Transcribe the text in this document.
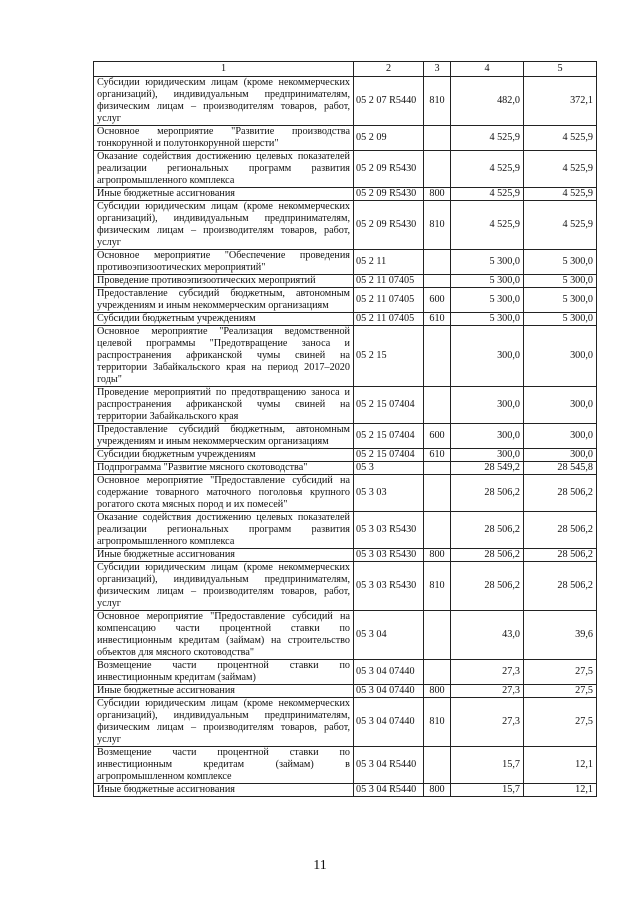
1	2	3	4	5
Субсидии юридическим лицам (кроме некоммерческих организаций), индивидуальным предпринимателям, физическим лицам – производителям товаров, работ, услуг	05 2 07 R5440	810	482,0	372,1
Основное мероприятие "Развитие производства тонкорунной и полутонкорунной шерсти"	05 2 09		4 525,9	4 525,9
Оказание содействия достижению целевых показателей реализации региональных программ развития агропромышленного комплекса	05 2 09 R5430		4 525,9	4 525,9
Иные бюджетные ассигнования	05 2 09 R5430	800	4 525,9	4 525,9
Субсидии юридическим лицам (кроме некоммерческих организаций), индивидуальным предпринимателям, физическим лицам – производителям товаров, работ, услуг	05 2 09 R5430	810	4 525,9	4 525,9
Основное мероприятие "Обеспечение проведения противоэпизоотических мероприятий"	05 2 11		5 300,0	5 300,0
Проведение противоэпизоотических мероприятий	05 2 11 07405		5 300,0	5 300,0
Предоставление субсидий бюджетным, автономным учреждениям и иным некоммерческим организациям	05 2 11 07405	600	5 300,0	5 300,0
Субсидии бюджетным учреждениям	05 2 11 07405	610	5 300,0	5 300,0
Основное мероприятие "Реализация ведомственной целевой программы "Предотвращение заноса и распространения африканской чумы свиней на территории Забайкальского края на период 2017–2020 годы"	05 2 15		300,0	300,0
Проведение мероприятий по предотвращению заноса и распространения африканской чумы свиней на территории Забайкальского края	05 2 15 07404		300,0	300,0
Предоставление субсидий бюджетным, автономным учреждениям и иным некоммерческим организациям	05 2 15 07404	600	300,0	300,0
Субсидии бюджетным учреждениям	05 2 15 07404	610	300,0	300,0
Подпрограмма "Развитие мясного скотоводства"	05 3		28 549,2	28 545,8
Основное мероприятие "Предоставление субсидий на содержание товарного маточного поголовья крупного рогатого скота мясных пород и их помесей"	05 3 03		28 506,2	28 506,2
Оказание содействия достижению целевых показателей реализации региональных программ развития агропромышленного комплекса	05 3 03 R5430		28 506,2	28 506,2
Иные бюджетные ассигнования	05 3 03 R5430	800	28 506,2	28 506,2
Субсидии юридическим лицам (кроме некоммерческих организаций), индивидуальным предпринимателям, физическим лицам – производителям товаров, работ, услуг	05 3 03 R5430	810	28 506,2	28 506,2
Основное мероприятие "Предоставление субсидий на компенсацию части процентной ставки по инвестиционным кредитам (займам) на строительство объектов для мясного скотоводства"	05 3 04		43,0	39,6
Возмещение части процентной ставки по инвестиционным кредитам (займам)	05 3 04 07440		27,3	27,5
Иные бюджетные ассигнования	05 3 04 07440	800	27,3	27,5
Субсидии юридическим лицам (кроме некоммерческих организаций), индивидуальным предпринимателям, физическим лицам – производителям товаров, работ, услуг	05 3 04 07440	810	27,3	27,5
Возмещение части процентной ставки по инвестиционным кредитам (займам) в агропромышленном комплексе	05 3 04 R5440		15,7	12,1
Иные бюджетные ассигнования	05 3 04 R5440	800	15,7	12,1
11
